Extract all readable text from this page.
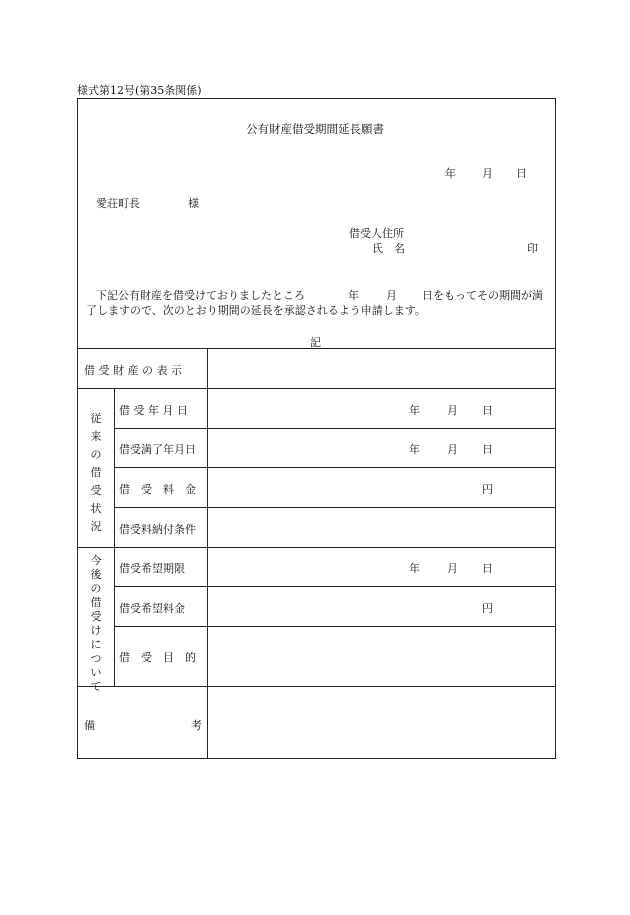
様式第12号(第35条関係)
公有財産借受期間延長願書
年 月 日
愛荘町長	様
借受人住所
氏　名	印
下記公有財産を借受けておりましたところ	年 月 日をもってその期間が満
了しますので、次のとおり期間の延長を承認されるよう申請します。
記
借 受 財 産 の 表 示
従
来
の
借
受
状
況
借 受 年 月 日	年 月 日
借受満了年月日	年 月 日
借　受　料　金	円
借受料納付条件
今
後
の
借
受
け
に
つ
い
て
借受希望期限	年 月 日
借受希望料金	円
借　受　目　的
備	考
